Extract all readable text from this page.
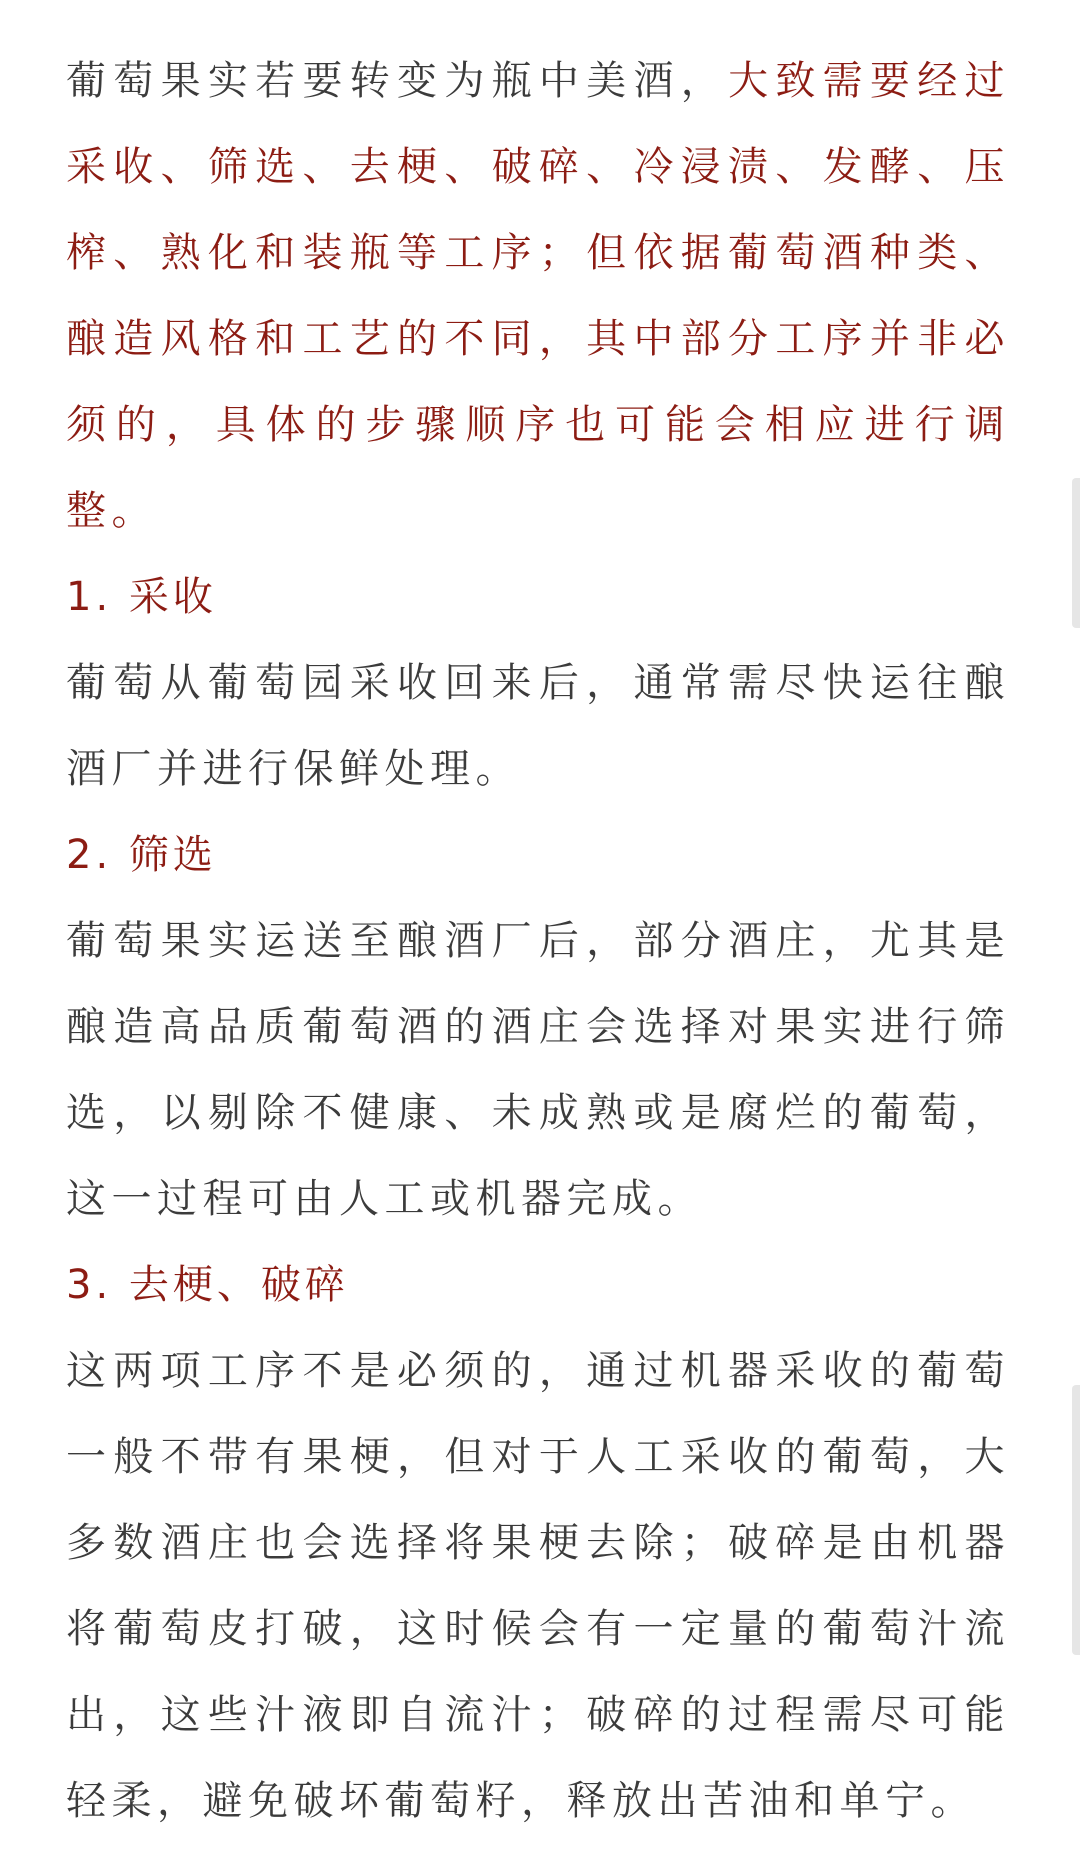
葡萄果实若要转变为瓶中美酒，大致需要经过采收、筛选、去梗、破碎、冷浸渍、发酵、压榨、熟化和装瓶等工序；但依据葡萄酒种类、酿造风格和工艺的不同，其中部分工序并非必须的，具体的步骤顺序也可能会相应进行调整。

1. 采收

葡萄从葡萄园采收回来后，通常需尽快运往酿酒厂并进行保鲜处理。

2. 筛选

葡萄果实运送至酿酒厂后，部分酒庄，尤其是酿造高品质葡萄酒的酒庄会选择对果实进行筛选，以剔除不健康、未成熟或是腐烂的葡萄，这一过程可由人工或机器完成。

3. 去梗、破碎

这两项工序不是必须的，通过机器采收的葡萄一般不带有果梗，但对于人工采收的葡萄，大多数酒庄也会选择将果梗去除；破碎是由机器将葡萄皮打破，这时候会有一定量的葡萄汁流出，这些汁液即自流汁；破碎的过程需尽可能轻柔，避免破坏葡萄籽，释放出苦油和单宁。
